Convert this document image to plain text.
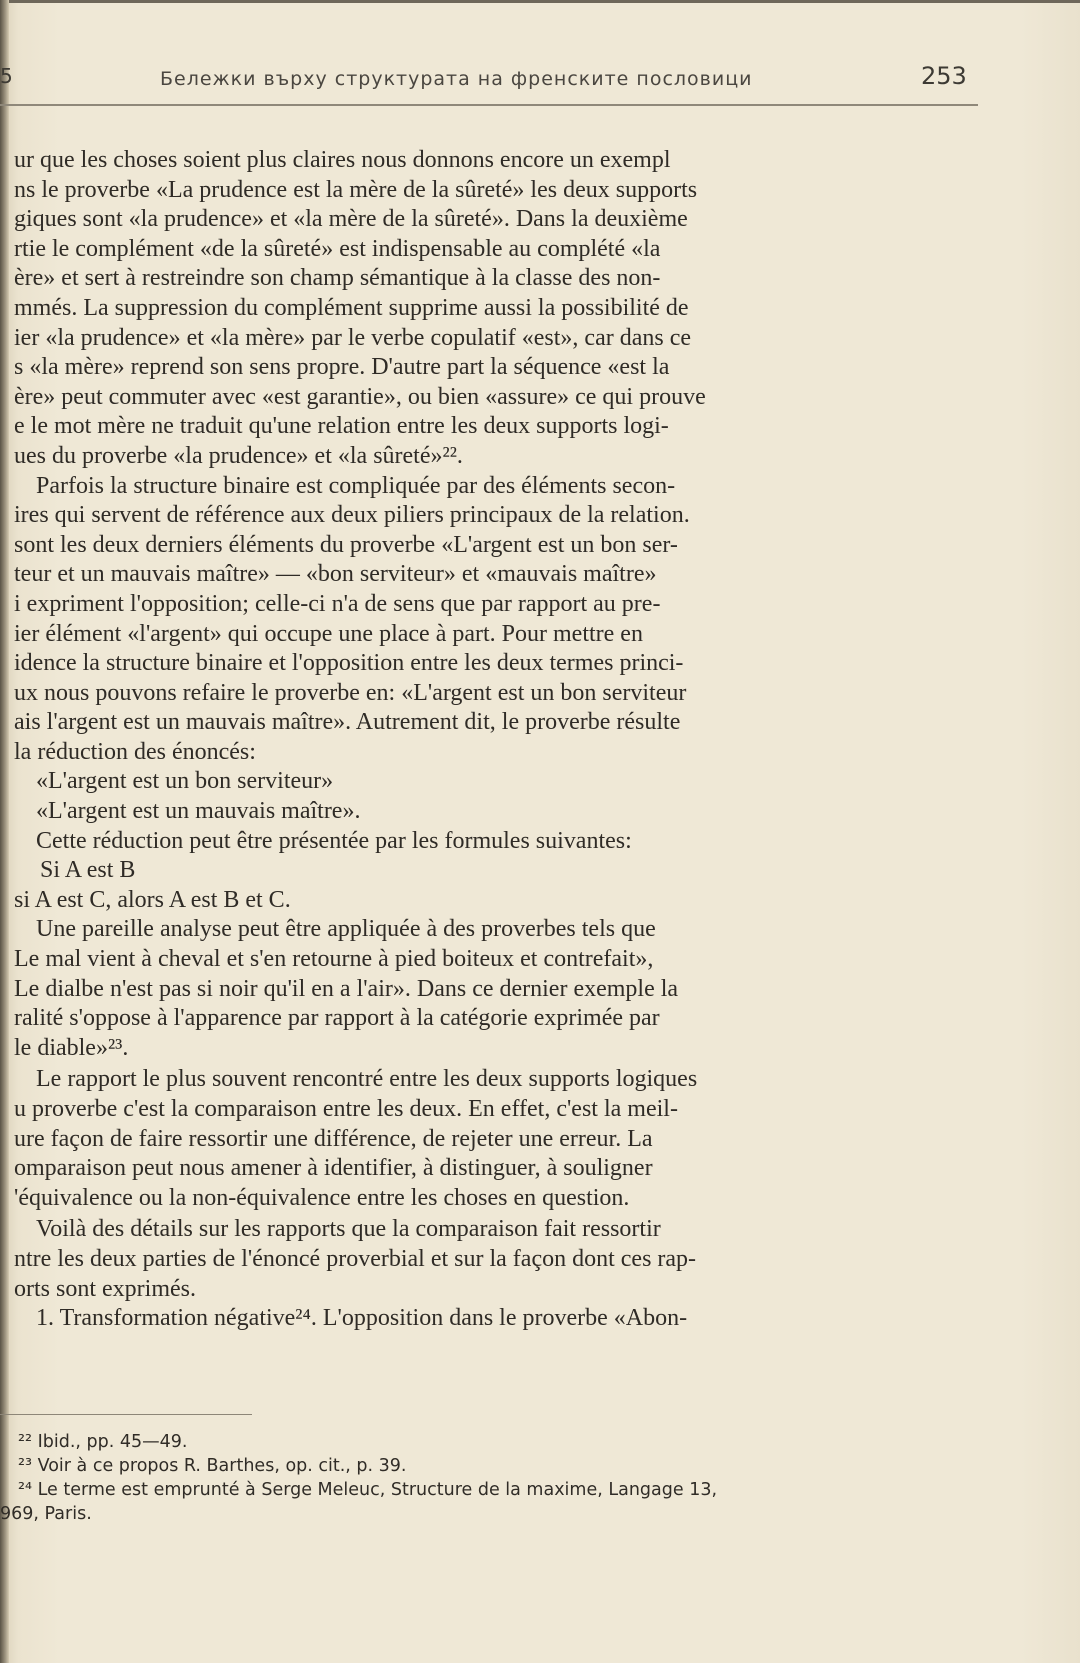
5	Бележки върху структурата на френските пословици	253
ur que les choses soient plus claires nous donnons encore un exempl
ns le proverbe «La prudence est la mère de la sûreté» les deux supports
giques sont «la prudence» et «la mère de la sûreté». Dans la deuxième
rtie le complément «de la sûreté» est indispensable au complété «la
ère» et sert à restreindre son champ sémantique à la classe des non-
mmés. La suppression du complément supprime aussi la possibilité de
ier «la prudence» et «la mère» par le verbe copulatif «est», car dans ce
s «la mère» reprend son sens propre. D'autre part la séquence «est la
ère» peut commuter avec «est garantie», ou bien «assure» ce qui prouve
e le mot mère ne traduit qu'une relation entre les deux supports logi-
ues du proverbe «la prudence» et «la sûreté»²².
Parfois la structure binaire est compliquée par des éléments secon-
ires qui servent de référence aux deux piliers principaux de la relation.
sont les deux derniers éléments du proverbe «L'argent est un bon ser-
teur et un mauvais maître» — «bon serviteur» et «mauvais maître»
i expriment l'opposition; celle-ci n'a de sens que par rapport au pre-
ier élément «l'argent» qui occupe une place à part. Pour mettre en
idence la structure binaire et l'opposition entre les deux termes princi-
ux nous pouvons refaire le proverbe en: «L'argent est un bon serviteur
ais l'argent est un mauvais maître». Autrement dit, le proverbe résulte
la réduction des énoncés:
«L'argent est un bon serviteur»
«L'argent est un mauvais maître».
Cette réduction peut être présentée par les formules suivantes:
Si A est B
si A est C, alors A est B et C.
Une pareille analyse peut être appliquée à des proverbes tels que
Le mal vient à cheval et s'en retourne à pied boiteux et contrefait»,
Le dialbe n'est pas si noir qu'il en a l'air». Dans ce dernier exemple la
ralité s'oppose à l'apparence par rapport à la catégorie exprimée par
le diable»²³.
Le rapport le plus souvent rencontré entre les deux supports logiques
u proverbe c'est la comparaison entre les deux. En effet, c'est la meil-
ure façon de faire ressortir une différence, de rejeter une erreur. La
omparaison peut nous amener à identifier, à distinguer, à souligner
'équivalence ou la non-équivalence entre les choses en question.
Voilà des détails sur les rapports que la comparaison fait ressortir
ntre les deux parties de l'énoncé proverbial et sur la façon dont ces rap-
orts sont exprimés.
1. Transformation négative²⁴. L'opposition dans le proverbe «Abon-
²² Ibid., pp. 45—49.
²³ Voir à ce propos R. Barthes, op. cit., p. 39.
²⁴ Le terme est emprunté à Serge Meleuc, Structure de la maxime, Langage 13,
969, Paris.
